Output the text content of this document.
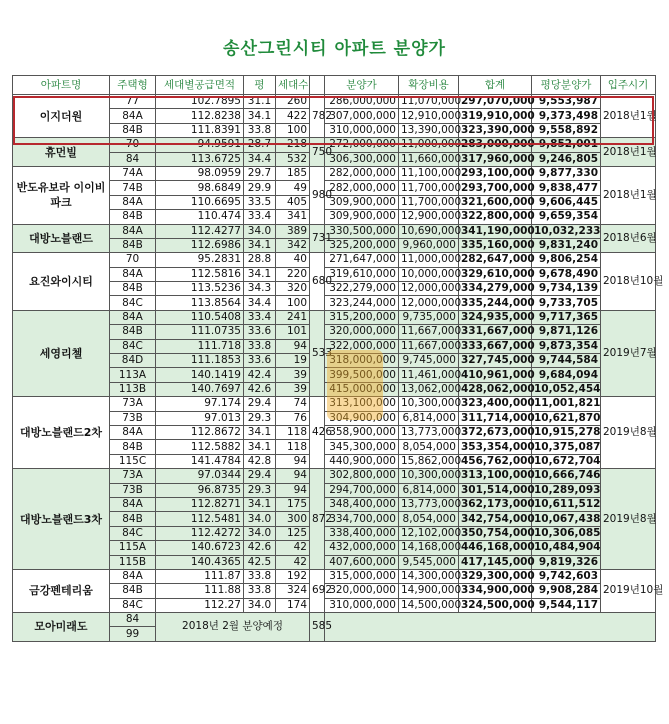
송산그린시티 아파트 분양가
아파트명	주택형	세대별공급면적	평	세대수		분양가	확장비용	합계	평당분양가	입주시기
이지더원	77	102.7895	31.1	260	782	286,000,000	11,070,000	297,070,000	9,553,987	2018년1월
	84A	112.8238	34.1	422		307,000,000	12,910,000	319,910,000	9,373,498	
	84B	111.8391	33.8	100		310,000,000	13,390,000	323,390,000	9,558,892	
휴먼빌	70	94.9591	28.7	218	750	272,000,000	11,000,000	283,000,000	9,852,001	2018년1월
	84	113.6725	34.4	532		306,300,000	11,660,000	317,960,000	9,246,805	
반도유보라 이이비파크	74A	98.0959	29.7	185	980	282,000,000	11,100,000	293,100,000	9,877,330	2018년1월
	74B	98.6849	29.9	49		282,000,000	11,700,000	293,700,000	9,838,477	
	84A	110.6695	33.5	405		309,900,000	11,700,000	321,600,000	9,606,445	
	84B	110.474	33.4	341		309,900,000	12,900,000	322,800,000	9,659,354	
대방노블랜드	84A	112.4277	34.0	389	731	330,500,000	10,690,000	341,190,000	10,032,233	2018년6월
	84B	112.6986	34.1	342		325,200,000	9,960,000	335,160,000	9,831,240	
요진와이시티	70	95.2831	28.8	40	680	271,647,000	11,000,000	282,647,000	9,806,254	2018년10월
	84A	112.5816	34.1	220		319,610,000	10,000,000	329,610,000	9,678,490	
	84B	113.5236	34.3	320		322,279,000	12,000,000	334,279,000	9,734,139	
	84C	113.8564	34.4	100		323,244,000	12,000,000	335,244,000	9,733,705	
세영리첼	84A	110.5408	33.4	241	533	315,200,000	9,735,000	324,935,000	9,717,365	2019년7월
	84B	111.0735	33.6	101		320,000,000	11,667,000	331,667,000	9,871,126	
	84C	111.718	33.8	94		322,000,000	11,667,000	333,667,000	9,873,354	
	84D	111.1853	33.6	19		318,000,000	9,745,000	327,745,000	9,744,584	
	113A	140.1419	42.4	39		399,500,000	11,461,000	410,961,000	9,684,094	
	113B	140.7697	42.6	39		415,000,000	13,062,000	428,062,000	10,052,454	
대방노블랜드2차	73A	97.174	29.4	74	426	313,100,000	10,300,000	323,400,000	11,001,821	2019년8월
	73B	97.013	29.3	76		304,900,000	6,814,000	311,714,000	10,621,870	
	84A	112.8672	34.1	118		358,900,000	13,773,000	372,673,000	10,915,278	
	84B	112.5882	34.1	118		345,300,000	8,054,000	353,354,000	10,375,087	
	115C	141.4784	42.8	94		440,900,000	15,862,000	456,762,000	10,672,704	
대방노블랜드3차	73A	97.0344	29.4	94	872	302,800,000	10,300,000	313,100,000	10,666,746	2019년8월
	73B	96.8735	29.3	94		294,700,000	6,814,000	301,514,000	10,289,093	
	84A	112.8271	34.1	175		348,400,000	13,773,000	362,173,000	10,611,512	
	84B	112.5481	34.0	300		334,700,000	8,054,000	342,754,000	10,067,438	
	84C	112.4272	34.0	125		338,400,000	12,102,000	350,754,000	10,306,085	
	115A	140.6723	42.6	42		432,000,000	14,168,000	446,168,000	10,484,904	
	115B	140.4365	42.5	42		407,600,000	9,545,000	417,145,000	9,819,326	
금강펜테리움	84A	111.87	33.8	192	692	315,000,000	14,300,000	329,300,000	9,742,603	2019년10월
	84B	111.88	33.8	324		320,000,000	14,900,000	334,900,000	9,908,284	
	84C	112.27	34.0	174		310,000,000	14,500,000	324,500,000	9,544,117	
모아미래도	84	2018년 2월 분양예정			585					
	99									
